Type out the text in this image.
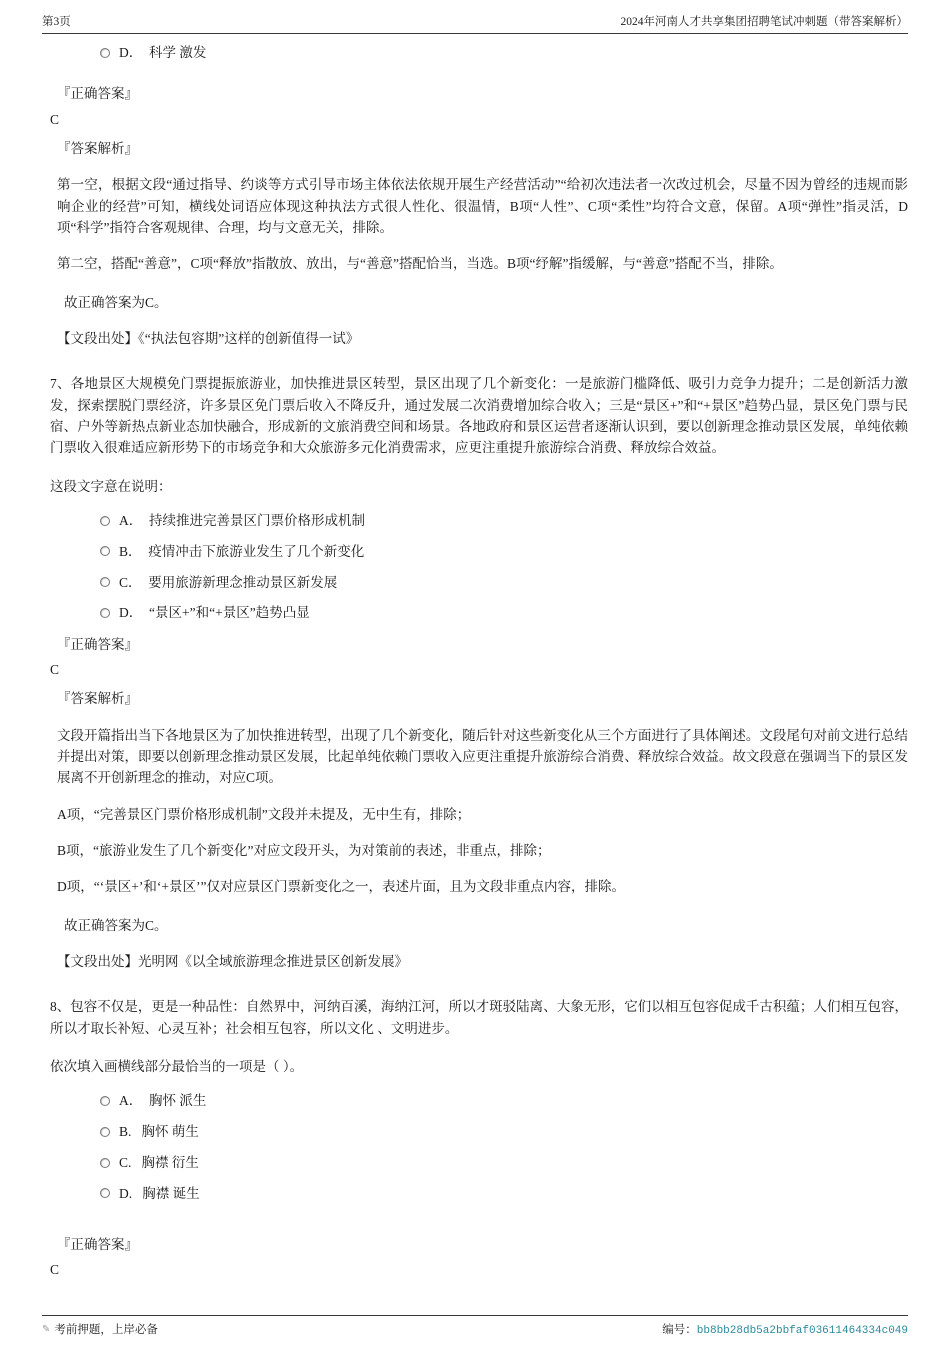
第3页	2024年河南人才共享集团招聘笔试冲刺题（带答案解析）
D．  科学 激发
『正确答案』
C
『答案解析』

第一空，根据文段“通过指导、约谈等方式引导市场主体依法依规开展生产经营活动”“给初次违法者一次改过机会，尽量不因为曾经的违规而影响企业的经营”可知，横线处词语应体现这种执法方式很人性化、很温情，B项“人性”、C项“柔性”均符合文意，保留。A项“弹性”指灵活，D项“科学”指符合客观规律、合理，均与文意无关，排除。

第二空，搭配“善意”，C项“释放”指散放、放出，与“善意”搭配恰当，当选。B项“纾解”指缓解，与“善意”搭配不当，排除。

故正确答案为C。
【文段出处】《“执法包容期”这样的创新值得一试》

7、各地景区大规模免门票提振旅游业，加快推进景区转型，景区出现了几个新变化：一是旅游门槛降低、吸引力竞争力提升；二是创新活力激发，探索摆脱门票经济，许多景区免门票后收入不降反升，通过发展二次消费增加综合收入；三是“景区+”和“+景区”趋势凸显，景区免门票与民宿、户外等新热点新业态加快融合，形成新的文旅消费空间和场景。各地政府和景区运营者逐渐认识到，要以创新理念推动景区发展，单纯依赖门票收入很难适应新形势下的市场竞争和大众旅游多元化消费需求，应更注重提升旅游综合消费、释放综合效益。

这段文字意在说明：
A．  持续推进完善景区门票价格形成机制
B．  疫情冲击下旅游业发生了几个新变化
C．  要用旅游新理念推动景区新发展
D．  “景区+”和“+景区”趋势凸显
『正确答案』
C
『答案解析』

文段开篇指出当下各地景区为了加快推进转型，出现了几个新变化，随后针对这些新变化从三个方面进行了具体阐述。文段尾句对前文进行总结并提出对策，即要以创新理念推动景区发展，比起单纯依赖门票收入应更注重提升旅游综合消费、释放综合效益。故文段意在强调当下的景区发展离不开创新理念的推动，对应C项。

A项，“完善景区门票价格形成机制”文段并未提及，无中生有，排除；

B项，“旅游业发生了几个新变化”对应文段开头，为对策前的表述，非重点，排除；

D项，“‘景区+’和‘+景区’”仅对应景区门票新变化之一，表述片面，且为文段非重点内容，排除。

故正确答案为C。
【文段出处】光明网《以全域旅游理念推进景区创新发展》

8、包容不仅是，更是一种品性：自然界中，河纳百溪，海纳江河，所以才斑驳陆离、大象无形，它们以相互包容促成千古积蕴；人们相互包容，所以才取长补短、心灵互补；社会相互包容，所以文化 、文明进步。

依次填入画横线部分最恰当的一项是（ ）。
A．  胸怀 派生
B.   胸怀 萌生
C.   胸襟 衍生
D.   胸襟 诞生
『正确答案』
C
✎ 考前押题，上岸必备	编号：bb8bb28db5a2bbfaf03611464334c049
